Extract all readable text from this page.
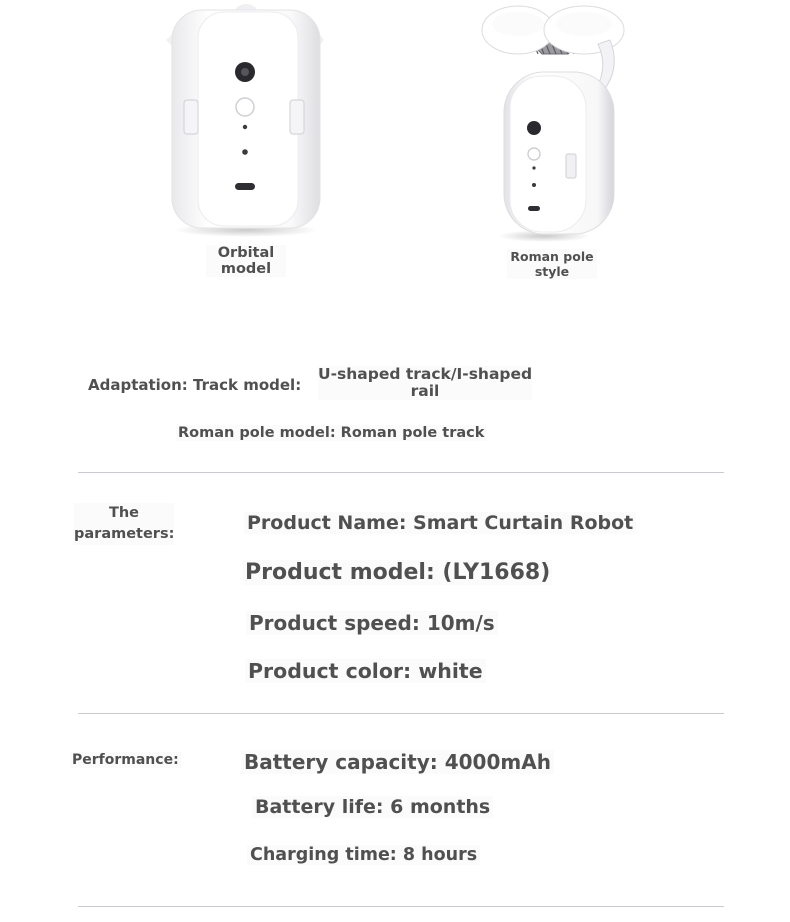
Orbital
model
Roman pole
style
Adaptation: Track model:
U-shaped track/I-shaped
rail
Roman pole model: Roman pole track
The
parameters:	Product Name: Smart Curtain Robot
Product model: (LY1668)
Product speed: 10m/s
Product color: white
Performance:	Battery capacity: 4000mAh
Battery life: 6 months
Charging time: 8 hours
